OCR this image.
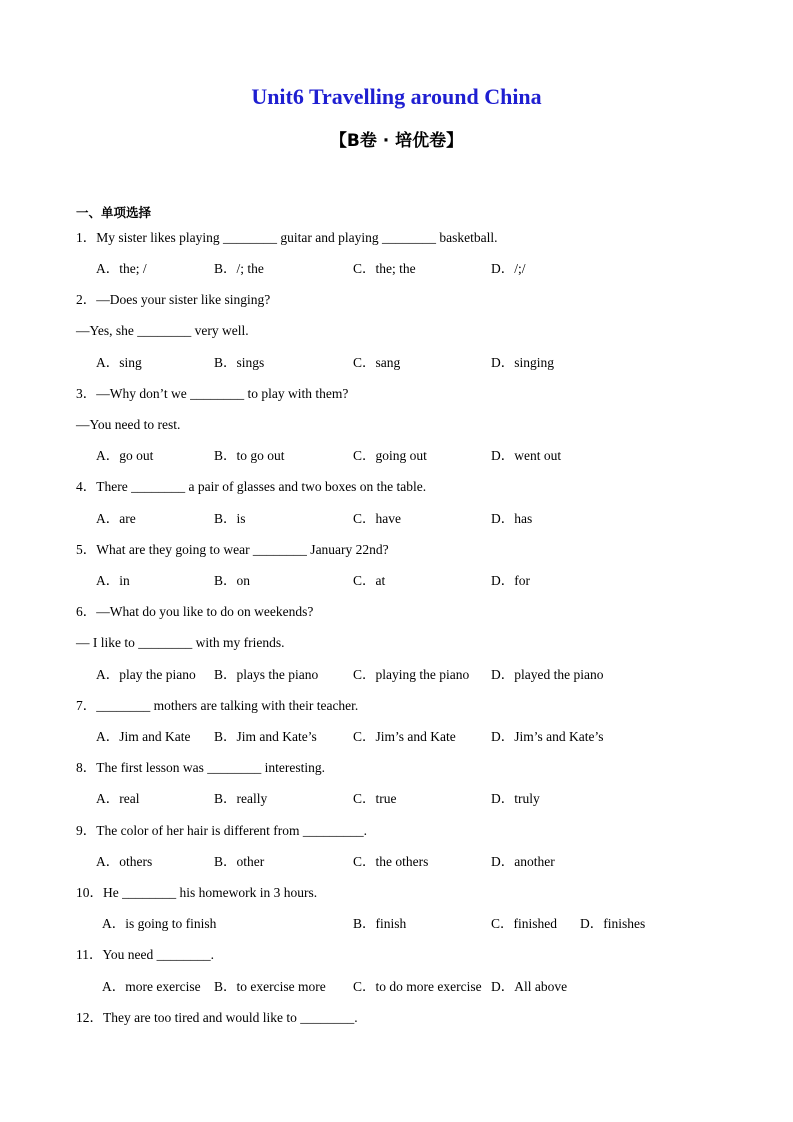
Unit6 Travelling around China
【B卷 · 培优卷】
一、单项选择
1．My sister likes playing ________ guitar and playing ________ basketball.
A．the; /	B．/; the	C．the; the	D．/;/
2．—Does your sister like singing?
—Yes, she ________ very well.
A．sing	B．sings	C．sang	D．singing
3．—Why don’t we ________ to play with them?
—You need to rest.
A．go out	B．to go out	C．going out	D．went out
4．There ________ a pair of glasses and two boxes on the table.
A．are	B．is	C．have	D．has
5．What are they going to wear ________ January 22nd?
A．in	B．on	C．at	D．for
6．—What do you like to do on weekends?
— I like to ________ with my friends.
A．play the piano B．plays the piano	C．playing the piano D．played the piano
7．________ mothers are talking with their teacher.
A．Jim and Kate B．Jim and Kate’s	C．Jim’s and Kate	D．Jim’s and Kate’s
8．The first lesson was ________ interesting.
A．real	B．really	C．true	D．truly
9．The color of her hair is different from _________.
A．others	B．other	C．the others	D．another
10．He ________ his homework in 3 hours.
A．is going to finish	B．finish	C．finished D．finishes
11．You need ________.
A．more exercise B．to exercise more C．to do more exercise D．All above
12．They are too tired and would like to ________.
